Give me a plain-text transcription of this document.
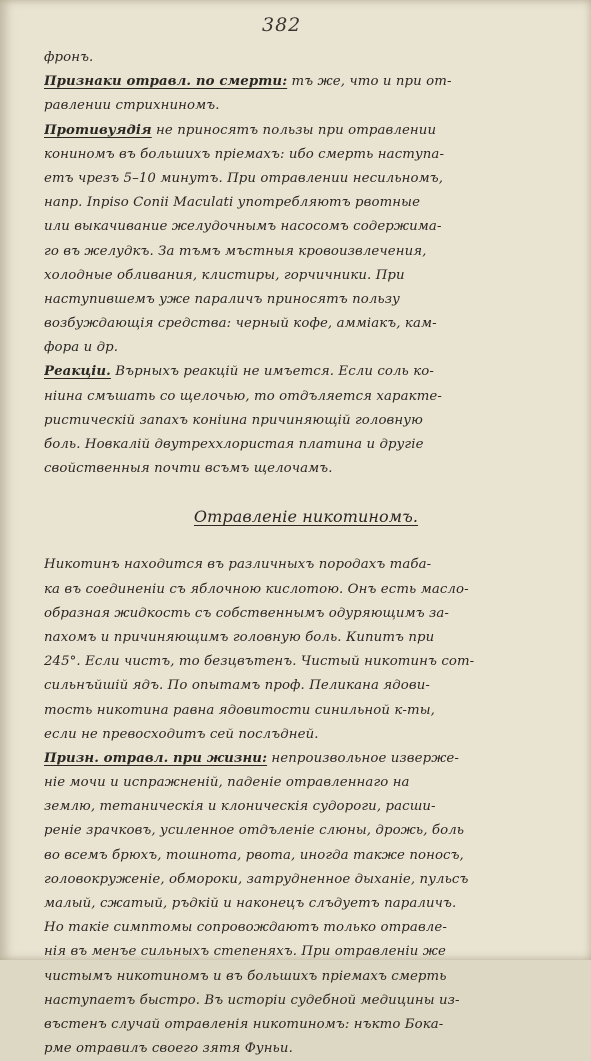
382
фронъ.
Признаки отравл. по смерти: тъ же, что и при от-
равлении стрихниномъ.
Противуядiя не приносятъ пользы при отравлении
кониномъ въ большихъ прiемахъ: ибо смерть наступа-
етъ чрезъ 5–10 минутъ. При отравлении несильномъ,
напр. Inpiso Conii Maculati употребляютъ рвотные
или выкачивание желудочнымъ насосомъ содержима-
го въ желудкъ. За тъмъ мъстныя кровоизвлечения,
холодные обливания, клистиры, горчичники. При
наступившемъ уже параличъ приносятъ пользу
возбуждающiя средства: черный кофе, аммiакъ, кам-
фора и др.
Реакцiи. Върныхъ реакцiй не имъется. Если соль ко-
нiина смъшать со щелочью, то отдъляется характе-
ристическiй запахъ конiина причиняющiй головную
боль. Новкалiй двутреххлористая платина и другiе
свойственныя почти всъмъ щелочамъ.
Отравленiе никотиномъ.
Никотинъ находится въ различныхъ породахъ таба-
ка въ соединенiи съ яблочною кислотою. Онъ есть масло-
образная жидкость съ собственнымъ одуряющимъ за-
пахомъ и причиняющимъ головную боль. Кипитъ при
245°. Если чистъ, то безцвътенъ. Чистый никотинъ сот-
сильнъйшiй ядъ. По опытамъ проф. Пеликана ядови-
тость никотина равна ядовитости синильной к-ты,
если не превосходитъ сей послъдней.
Призн. отравл. при жизни: непроизвольное изверже-
нiе мочи и испражненiй, паденiе отравленнаго на
землю, тетаническiя и клоническiя судороги, расши-
ренiе зрачковъ, усиленное отдъленiе слюны, дрожь, боль
во всемъ брюхъ, тошнота, рвота, иногда также поносъ,
головокруженiе, обмороки, затрудненное дыханiе, пульсъ
малый, сжатый, ръдкiй и наконецъ слъдуетъ параличъ.
Но такiе симптомы сопровождаютъ только отравле-
нiя въ менъе сильныхъ степеняхъ. При отравленiи же
чистымъ никотиномъ и въ большихъ прiемахъ смерть
наступаетъ быстро. Въ исторiи судебной медицины из-
въстенъ случай отравленiя никотиномъ: нъкто Бока-
рме отравилъ своего зятя Фуньи.
